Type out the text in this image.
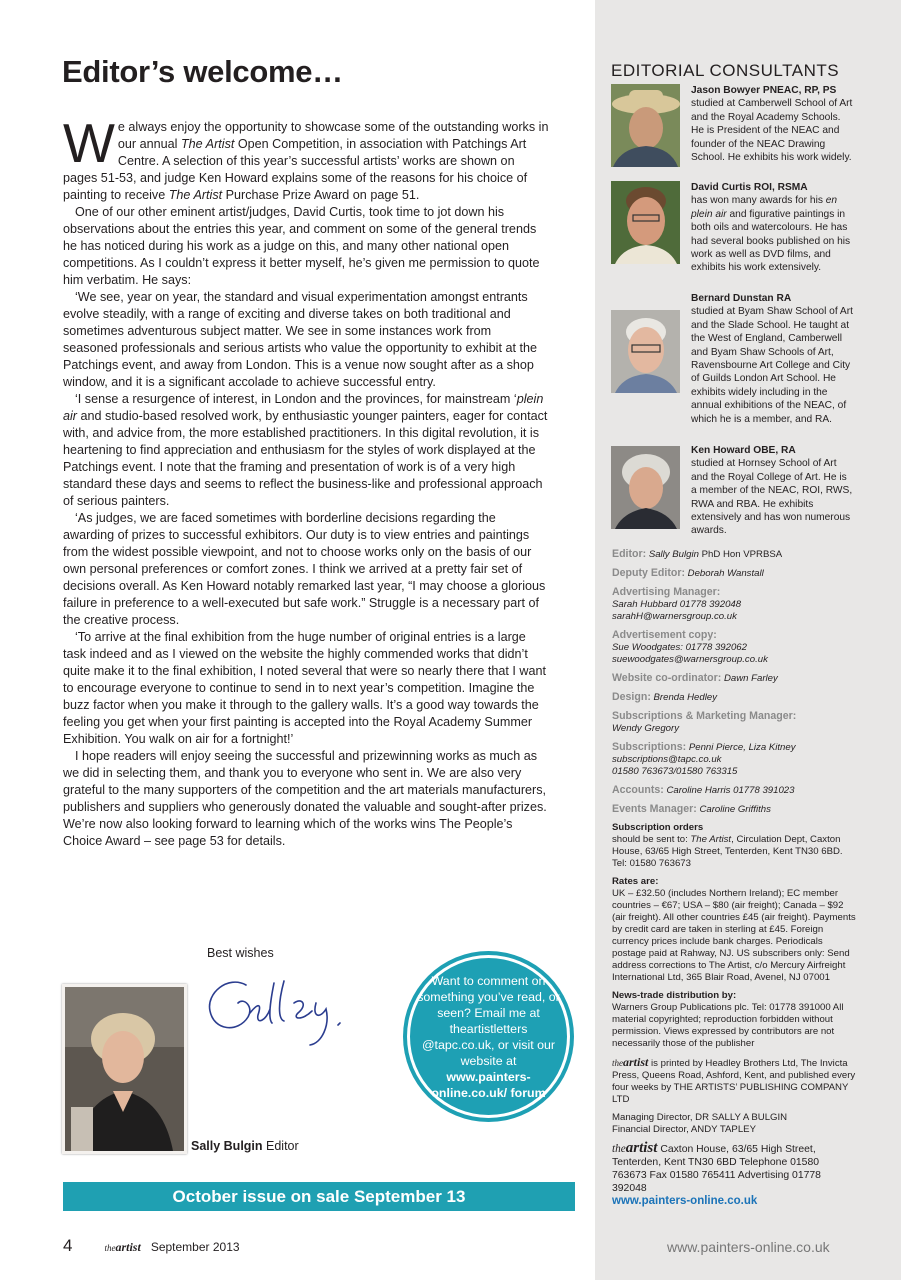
Editor’s welcome…

We always enjoy the opportunity to showcase some of the outstanding works in our annual The Artist Open Competition, in association with Patchings Art Centre. A selection of this year’s successful artists’ works are shown on pages 51-53, and judge Ken Howard explains some of the reasons for his choice of painting to receive The Artist Purchase Prize Award on page 51.

One of our other eminent artist/judges, David Curtis, took time to jot down his observations about the entries this year, and comment on some of the general trends he has noticed during his work as a judge on this, and many other national open competitions. As I couldn’t express it better myself, he’s given me permission to quote him verbatim. He says:

‘We see, year on year, the standard and visual experimentation amongst entrants evolve steadily, with a range of exciting and diverse takes on both traditional and sometimes adventurous subject matter. We see in some instances work from seasoned professionals and serious artists who value the opportunity to exhibit at the Patchings event, and away from London. This is a venue now sought after as a shop window, and it is a significant accolade to achieve successful entry.

‘I sense a resurgence of interest, in London and the provinces, for mainstream ‘plein air and studio-based resolved work, by enthusiastic younger painters, eager for contact with, and advice from, the more established practitioners. In this digital revolution, it is heartening to find appreciation and enthusiasm for the styles of work displayed at the Patchings event. I note that the framing and presentation of work is of a very high standard these days and seems to reflect the business-like and professional approach of serious painters.

‘As judges, we are faced sometimes with borderline decisions regarding the awarding of prizes to successful exhibitors. Our duty is to view entries and paintings from the widest possible viewpoint, and not to choose works only on the basis of our own personal preferences or comfort zones. I think we arrived at a pretty fair set of decisions overall. As Ken Howard notably remarked last year, “I may choose a glorious failure in preference to a well-executed but safe work.” Struggle is a necessary part of the creative process.

‘To arrive at the final exhibition from the huge number of original entries is a large task indeed and as I viewed on the website the highly commended works that didn’t quite make it to the final exhibition, I noted several that were so nearly there that I want to encourage everyone to continue to send in to next year’s competition. Imagine the buzz factor when you make it through to the gallery walls. It’s a good way towards the feeling you get when your first painting is accepted into the Royal Academy Summer Exhibition. You walk on air for a fortnight!’

I hope readers will enjoy seeing the successful and prizewinning works as much as we did in selecting them, and thank you to everyone who sent in. We are also very grateful to the many supporters of the competition and the art materials manufacturers, publishers and suppliers who generously donated the valuable and sought-after prizes. We’re now also looking forward to learning which of the works wins The People’s Choice Award – see page 53 for details.

Best wishes
Sally Bulgin Editor
Want to comment on something you’ve read, or seen? Email me at theartistletters @tapc.co.uk, or visit our website at
www.painters-online.co.uk/ forum
October issue on sale September 13
4	theartist September 2013	www.painters-online.co.uk
EDITORIAL CONSULTANTS
Jason Bowyer PNEAC, RP, PS
studied at Camberwell School of Art and the Royal Academy Schools. He is President of the NEAC and founder of the NEAC Drawing School. He exhibits his work widely.
David Curtis ROI, RSMA
has won many awards for his en plein air and figurative paintings in both oils and watercolours. He has had several books published on his work as well as DVD films, and exhibits his work extensively.
Bernard Dunstan RA
studied at Byam Shaw School of Art and the Slade School. He taught at the West of England, Camberwell and Byam Shaw Schools of Art, Ravensbourne Art College and City of Guilds London Art School. He exhibits widely including in the annual exhibitions of the NEAC, of which he is a member, and RA.
Ken Howard OBE, RA
studied at Hornsey School of Art and the Royal College of Art. He is a member of the NEAC, ROI, RWS, RWA and RBA. He exhibits extensively and has won numerous awards.
Editor: Sally Bulgin PhD Hon VPRBSA
Deputy Editor: Deborah Wanstall
Advertising Manager:
Sarah Hubbard 01778 392048
sarahH@warnersgroup.co.uk
Advertisement copy:
Sue Woodgates: 01778 392062
suewoodgates@warnersgroup.co.uk
Website co-ordinator: Dawn Farley
Design: Brenda Hedley
Subscriptions & Marketing Manager:
Wendy Gregory
Subscriptions: Penni Pierce, Liza Kitney
subscriptions@tapc.co.uk
01580 763673/01580 763315
Accounts: Caroline Harris 01778 391023
Events Manager: Caroline Griffiths
Subscription orders
should be sent to: The Artist, Circulation Dept, Caxton House, 63/65 High Street, Tenterden, Kent TN30 6BD. Tel: 01580 763673
Rates are:
UK – £32.50 (includes Northern Ireland); EC member countries – €67; USA – $80 (air freight); Canada – $92 (air freight). All other countries £45 (air freight). Payments by credit card are taken in sterling at £45. Foreign currency prices include bank charges. Periodicals postage paid at Rahway, NJ. US subscribers only: Send address corrections to The Artist, c/o Mercury Airfreight International Ltd, 365 Blair Road, Avenel, NJ 07001
News-trade distribution by:
Warners Group Publications plc. Tel: 01778 391000 All material copyrighted; reproduction forbidden without permission. Views expressed by contributors are not necessarily those of the publisher
theartist is printed by Headley Brothers Ltd, The Invicta Press, Queens Road, Ashford, Kent, and published every four weeks by THE ARTISTS’ PUBLISHING COMPANY LTD
Managing Director, DR SALLY A BULGIN
Financial Director, ANDY TAPLEY
theartist Caxton House, 63/65 High Street, Tenterden, Kent TN30 6BD Telephone 01580 763673 Fax 01580 765411 Advertising 01778 392048
www.painters-online.co.uk
